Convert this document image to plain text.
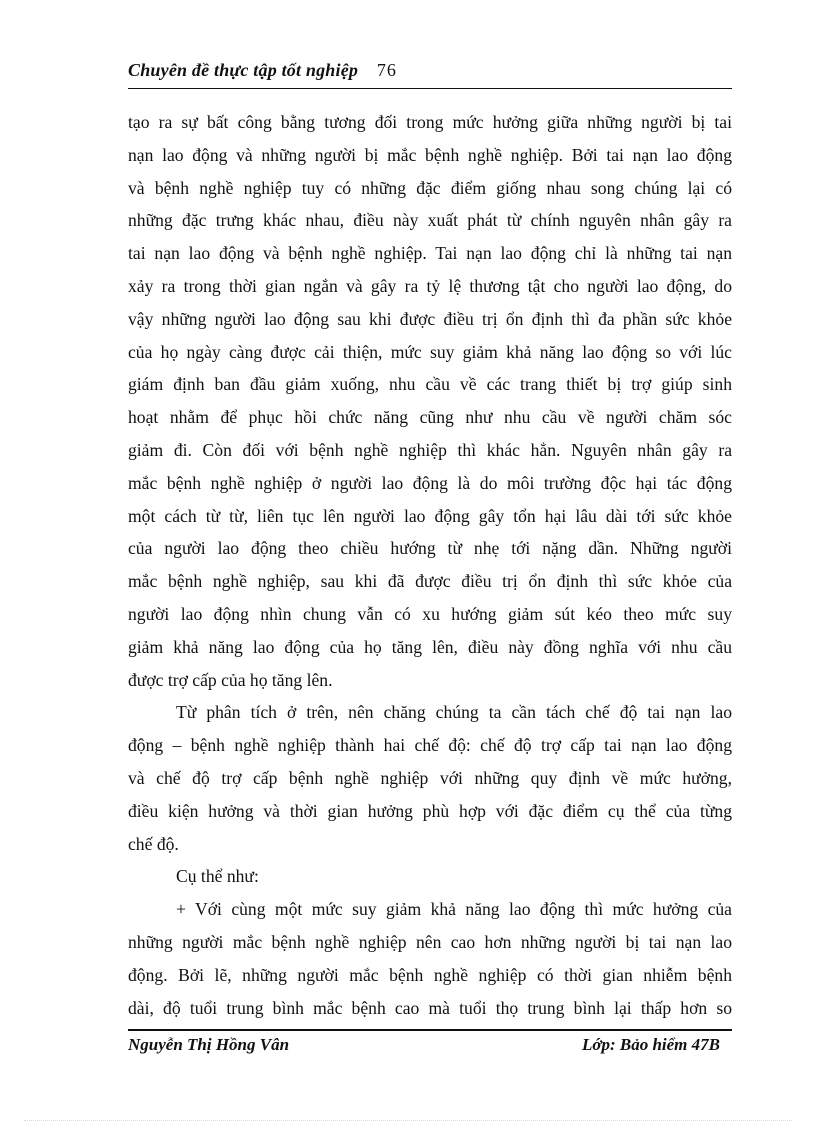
Chuyên đề thực tập tốt nghiệp 76
tạo ra sự bất công bằng tương đối trong mức hưởng giữa những người bị tai
nạn lao động và những người bị mắc bệnh nghề nghiệp. Bởi tai nạn lao động
và bệnh nghề nghiệp tuy có những đặc điểm giống nhau song chúng lại có
những đặc trưng khác nhau, điều này xuất phát từ chính nguyên nhân gây ra
tai nạn lao động và bệnh nghề nghiệp. Tai nạn lao động chỉ là những tai nạn
xảy ra trong thời gian ngắn và gây ra tỷ lệ thương tật cho người lao động, do
vậy những người lao động sau khi được điều trị ổn định thì đa phần sức khỏe
của họ ngày càng được cải thiện, mức suy giảm khả năng lao động so với lúc
giám định ban đầu giảm xuống, nhu cầu về các trang thiết bị trợ giúp sinh
hoạt nhằm để phục hồi chức năng cũng như nhu cầu về người chăm sóc
giảm đi. Còn đối với bệnh nghề nghiệp thì khác hẳn. Nguyên nhân gây ra
mắc bệnh nghề nghiệp ở người lao động là do môi trường độc hại tác động
một cách từ từ, liên tục lên người lao động gây tổn hại lâu dài tới sức khỏe
của người lao động theo chiều hướng từ nhẹ tới nặng dần. Những người
mắc bệnh nghề nghiệp, sau khi đã được điều trị ổn định thì sức khỏe của
người lao động nhìn chung vẫn có xu hướng giảm sút kéo theo mức suy
giảm khả năng lao động của họ tăng lên, điều này đồng nghĩa với nhu cầu
được trợ cấp của họ tăng lên.
Từ phân tích ở trên, nên chăng chúng ta cần tách chế độ tai nạn lao
động – bệnh nghề nghiệp thành hai chế độ: chế độ trợ cấp tai nạn lao động
và chế độ trợ cấp bệnh nghề nghiệp với những quy định về mức hưởng,
điều kiện hưởng và thời gian hưởng phù hợp với đặc điểm cụ thể của từng
chế độ.
Cụ thể như:
+ Với cùng một mức suy giảm khả năng lao động thì mức hưởng của
những người mắc bệnh nghề nghiệp nên cao hơn những người bị tai nạn lao
động. Bởi lẽ, những người mắc bệnh nghề nghiệp có thời gian nhiễm bệnh
dài, độ tuổi trung bình mắc bệnh cao mà tuổi thọ trung bình lại thấp hơn so
Nguyễn Thị Hồng Vân	Lớp: Bảo hiểm 47B
